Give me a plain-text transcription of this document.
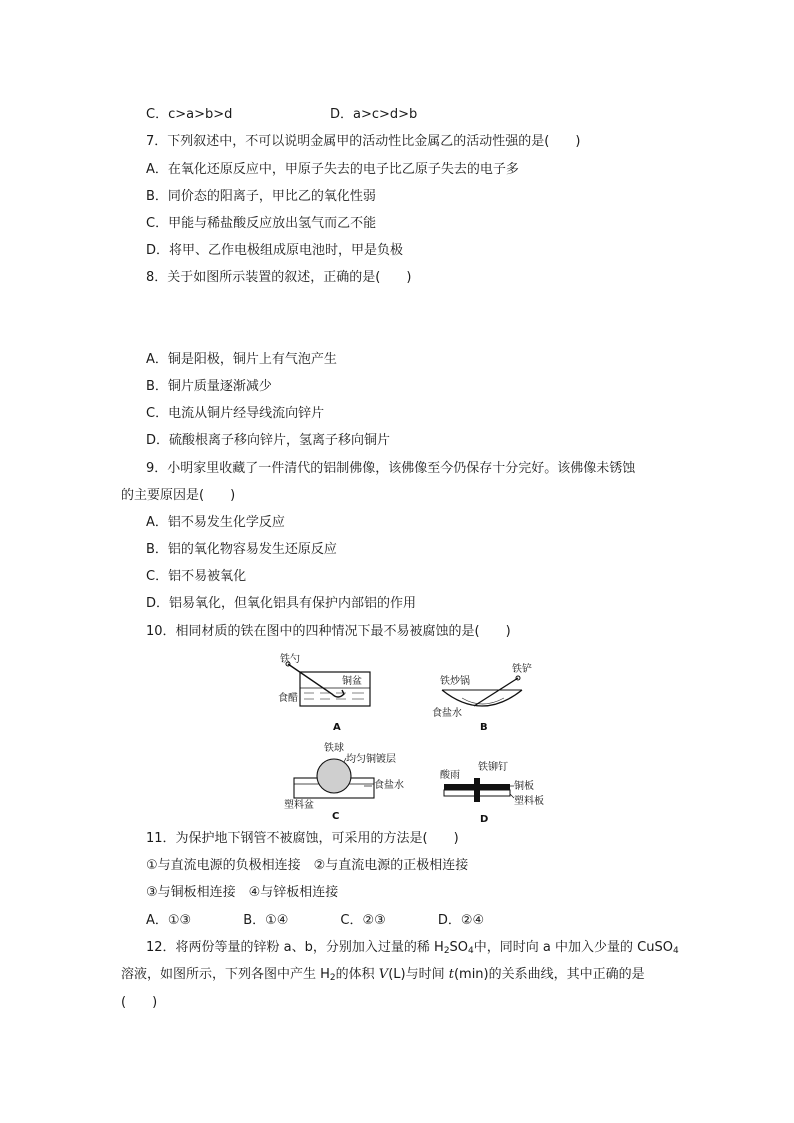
C．c>a>b>d	D．a>c>d>b
7．下列叙述中，不可以说明金属甲的活动性比金属乙的活动性强的是(　　)
A．在氧化还原反应中，甲原子失去的电子比乙原子失去的电子多
B．同价态的阳离子，甲比乙的氧化性弱
C．甲能与稀盐酸反应放出氢气而乙不能
D．将甲、乙作电极组成原电池时，甲是负极
8．关于如图所示装置的叙述，正确的是(　　)
A．铜是阳极，铜片上有气泡产生
B．铜片质量逐渐减少
C．电流从铜片经导线流向锌片
D．硫酸根离子移向锌片，氢离子移向铜片
9．小明家里收藏了一件清代的铝制佛像，该佛像至今仍保存十分完好。该佛像未锈蚀
的主要原因是(　　)
A．铝不易发生化学反应
B．铝的氧化物容易发生还原反应
C．铝不易被氧化
D．铝易氧化，但氧化铝具有保护内部铝的作用
10．相同材质的铁在图中的四种情况下最不易被腐蚀的是(　　)
铁勺
铜盆
食醋
A
铁炒锅
铁铲
食盐水
B
铁球
均匀铜镀层
食盐水
塑料盆
C
酸雨
铁铆钉
铜板
塑料板
D
11．为保护地下钢管不被腐蚀，可采用的方法是(　　)
①与直流电源的负极相连接　②与直流电源的正极相连接
③与铜板相连接　④与锌板相连接
A．①③　　　　B．①④　　　　C．②③　　　　D．②④
12．将两份等量的锌粉 a、b，分别加入过量的稀 $H_2SO_4$中，同时向 a 中加入少量的 CuSO$_4$
溶液，如图所示，下列各图中产生 $H_2$的体积 V(L)与时间 t(min)的关系曲线，其中正确的是
(　　)
